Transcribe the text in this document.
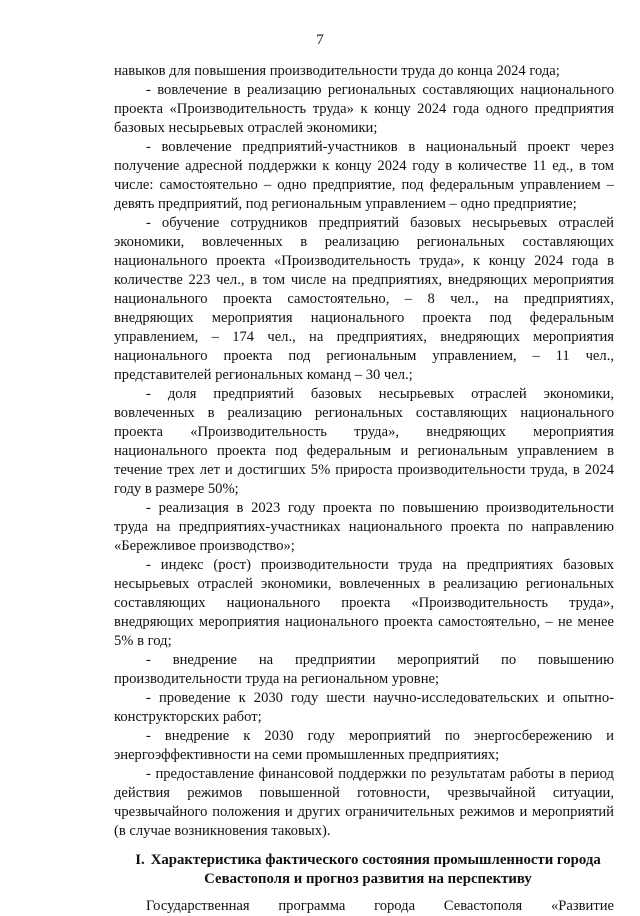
7

навыков для повышения производительности труда до конца 2024 года;

- вовлечение в реализацию региональных составляющих национального проекта «Производительность труда» к концу 2024 года одного предприятия базовых несырьевых отраслей экономики;

- вовлечение предприятий-участников в национальный проект через получение адресной поддержки к концу 2024 году в количестве 11 ед., в том числе: самостоятельно – одно предприятие, под федеральным управлением – девять предприятий, под региональным управлением – одно предприятие;

- обучение сотрудников предприятий базовых несырьевых отраслей экономики, вовлеченных в реализацию региональных составляющих национального проекта «Производительность труда», к концу 2024 года в количестве 223 чел., в том числе на предприятиях, внедряющих мероприятия национального проекта самостоятельно, – 8 чел., на предприятиях, внедряющих мероприятия национального проекта под федеральным управлением, – 174 чел., на предприятиях, внедряющих мероприятия национального проекта под региональным управлением, – 11 чел., представителей региональных команд – 30 чел.;

- доля предприятий базовых несырьевых отраслей экономики, вовлеченных в реализацию региональных составляющих национального проекта «Производительность труда», внедряющих мероприятия национального проекта под федеральным и региональным управлением в течение трех лет и достигших 5% прироста производительности труда, в 2024 году в размере 50%;

- реализация в 2023 году проекта по повышению производительности труда на предприятиях-участниках национального проекта по направлению «Бережливое производство»;

- индекс (рост) производительности труда на предприятиях базовых несырьевых отраслей экономики, вовлеченных в реализацию региональных составляющих национального проекта «Производительность труда», внедряющих мероприятия национального проекта самостоятельно, – не менее 5% в год;

- внедрение на предприятии мероприятий по повышению производительности труда на региональном уровне;

- проведение к 2030 году шести научно-исследовательских и опытно-конструкторских работ;

- внедрение к 2030 году мероприятий по энергосбережению и энергоэффективности на семи промышленных предприятиях;

- предоставление финансовой поддержки по результатам работы в период действия режимов повышенной готовности, чрезвычайной ситуации, чрезвычайного положения и других ограничительных режимов и мероприятий (в случае возникновения таковых).

I. Характеристика фактического состояния промышленности города Севастополя и прогноз развития на перспективу

Государственная программа города Севастополя «Развитие
